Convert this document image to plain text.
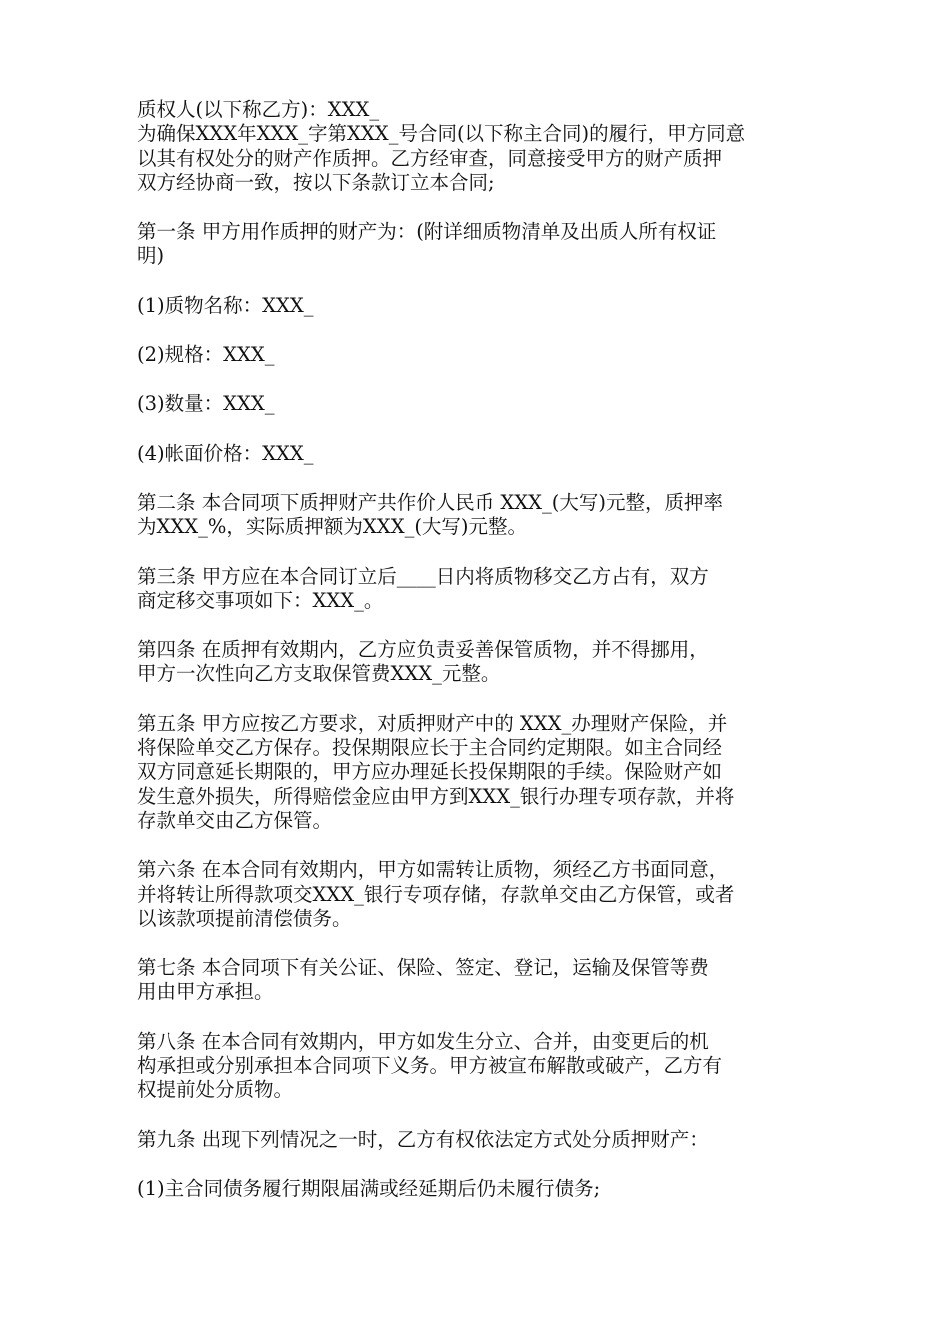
质权人(以下称乙方)：XXX_
为确保XXX年XXX_字第XXX_号合同(以下称主合同)的履行，甲方同意
以其有权处分的财产作质押。乙方经审查，同意接受甲方的财产质押
双方经协商一致，按以下条款订立本合同;
第一条 甲方用作质押的财产为：(附详细质物清单及出质人所有权证
明)
(1)质物名称：XXX_
(2)规格：XXX_
(3)数量：XXX_
(4)帐面价格：XXX_
第二条 本合同项下质押财产共作价人民币 XXX_(大写)元整，质押率
为XXX_%，实际质押额为XXX_(大写)元整。
第三条 甲方应在本合同订立后____日内将质物移交乙方占有，双方
商定移交事项如下：XXX_。
第四条 在质押有效期内，乙方应负责妥善保管质物，并不得挪用，
甲方一次性向乙方支取保管费XXX_元整。
第五条 甲方应按乙方要求，对质押财产中的 XXX_办理财产保险，并
将保险单交乙方保存。投保期限应长于主合同约定期限。如主合同经
双方同意延长期限的，甲方应办理延长投保期限的手续。保险财产如
发生意外损失，所得赔偿金应由甲方到XXX_银行办理专项存款，并将
存款单交由乙方保管。
第六条 在本合同有效期内，甲方如需转让质物，须经乙方书面同意，
并将转让所得款项交XXX_银行专项存储，存款单交由乙方保管，或者
以该款项提前清偿债务。
第七条 本合同项下有关公证、保险、签定、登记，运输及保管等费
用由甲方承担。
第八条 在本合同有效期内，甲方如发生分立、合并，由变更后的机
构承担或分别承担本合同项下义务。甲方被宣布解散或破产，乙方有
权提前处分质物。
第九条 出现下列情况之一时，乙方有权依法定方式处分质押财产：
(1)主合同债务履行期限届满或经延期后仍未履行债务;
